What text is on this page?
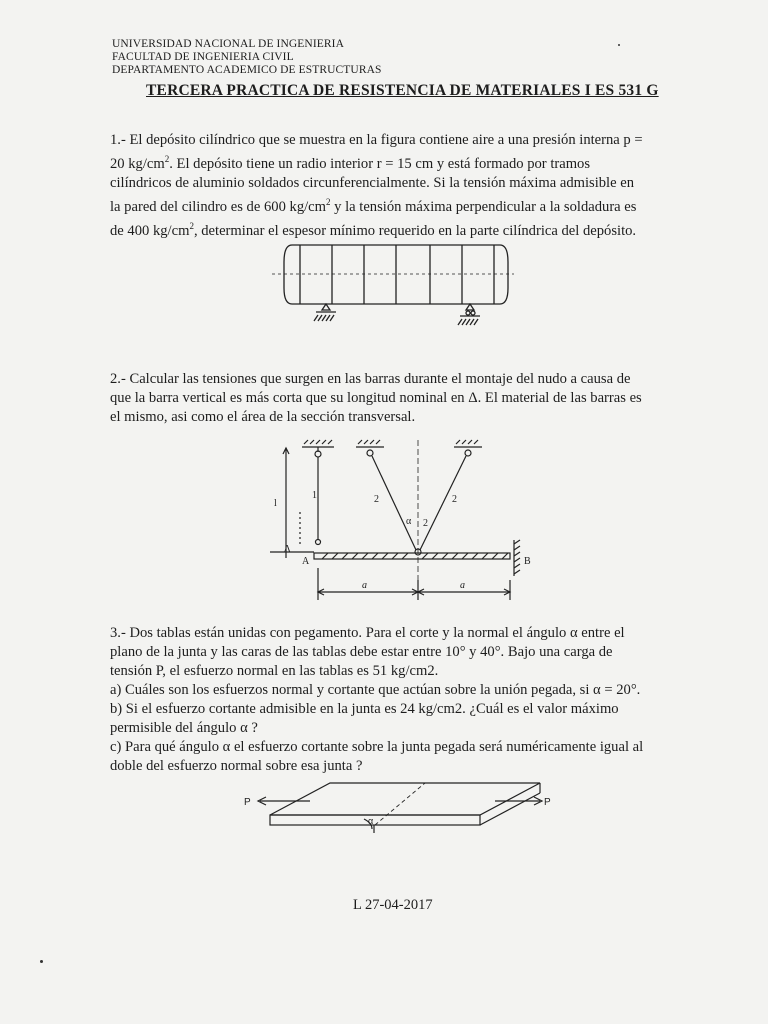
UNIVERSIDAD NACIONAL DE INGENIERIA
FACULTAD DE INGENIERIA CIVIL
DEPARTAMENTO ACADEMICO DE ESTRUCTURAS
TERCERA PRACTICA DE RESISTENCIA DE MATERIALES I ES 531 G
1.- El depósito cilíndrico que se muestra en la figura contiene aire a una presión interna p =
20 $kg/cm^2$. El depósito tiene un radio interior r = 15 cm y está formado por tramos
cilíndricos de aluminio soldados circunferencialmente. Si la tensión máxima admisible en
la pared del cilindro es de 600 $kg/cm^2$ y la tensión máxima perpendicular a la soldadura es
de 400 $kg/cm^2$, determinar el espesor mínimo requerido en la parte cilíndrica del depósito.
2.- Calcular las tensiones que surgen en las barras durante el montaje del nudo a causa de
que la barra vertical es más corta que su longitud nominal en Δ. El material de las barras es
el mismo, asi como el área de la sección transversal.
1	2	2
α 2
Δ
l
A	B
a	a
3.- Dos tablas están unidas con pegamento. Para el corte y la normal el ángulo α entre el
plano de la junta y las caras de las tablas debe estar entre 10° y 40°. Bajo una carga de
tensión P, el esfuerzo normal en las tablas es 51 kg/cm2.
a) Cuáles son los esfuerzos normal y cortante que actúan sobre la unión pegada, si α = 20°.
b) Si el esfuerzo cortante admisible en la junta es 24 kg/cm2. ¿Cuál es el valor máximo
permisible del ángulo α ?
c) Para qué ángulo α el esfuerzo cortante sobre la junta pegada será numéricamente igual al
doble del esfuerzo normal sobre esa junta ?
P	P
α
L 27-04-2017
